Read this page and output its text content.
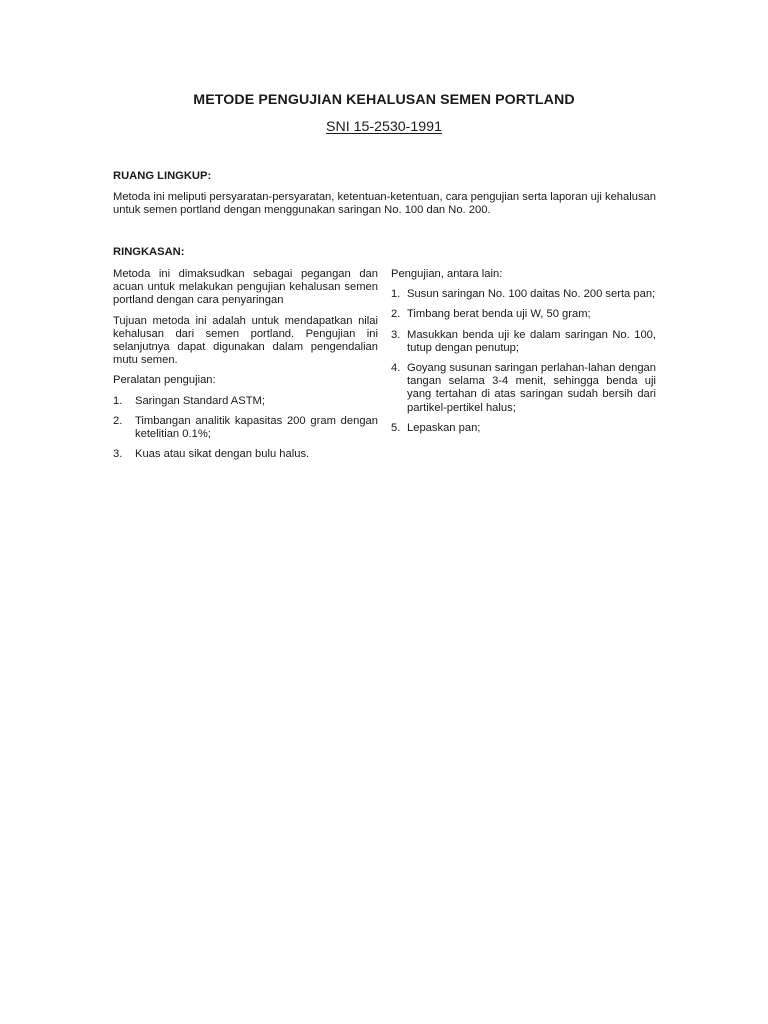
METODE PENGUJIAN KEHALUSAN SEMEN PORTLAND
SNI 15-2530-1991
RUANG LINGKUP:

Metoda ini meliputi persyaratan-persyaratan, ketentuan-ketentuan, cara pengujian serta laporan uji kehalusan untuk semen portland dengan menggunakan saringan No. 100 dan No. 200.

RINGKASAN:

Metoda ini dimaksudkan sebagai pegangan dan acuan untuk melakukan pengujian kehalusan semen portland dengan cara penyaringan

Tujuan metoda ini adalah untuk mendapatkan nilai kehalusan dari semen portland. Pengujian ini selanjutnya dapat digunakan dalam pengendalian mutu semen.

Peralatan pengujian:

1. Saringan Standard ASTM;
2. Timbangan analitik kapasitas 200 gram dengan ketelitian 0.1%;
3. Kuas atau sikat dengan bulu halus.

Pengujian, antara lain:

1. Susun saringan No. 100 daitas No. 200 serta pan;
2. Timbang berat benda uji W, 50 gram;
3. Masukkan benda uji ke dalam saringan No. 100, tutup dengan penutup;
4. Goyang susunan saringan perlahan-lahan dengan tangan selama 3-4 menit, sehingga benda uji yang tertahan di atas saringan sudah bersih dari partikel-pertikel halus;
5. Lepaskan pan;
